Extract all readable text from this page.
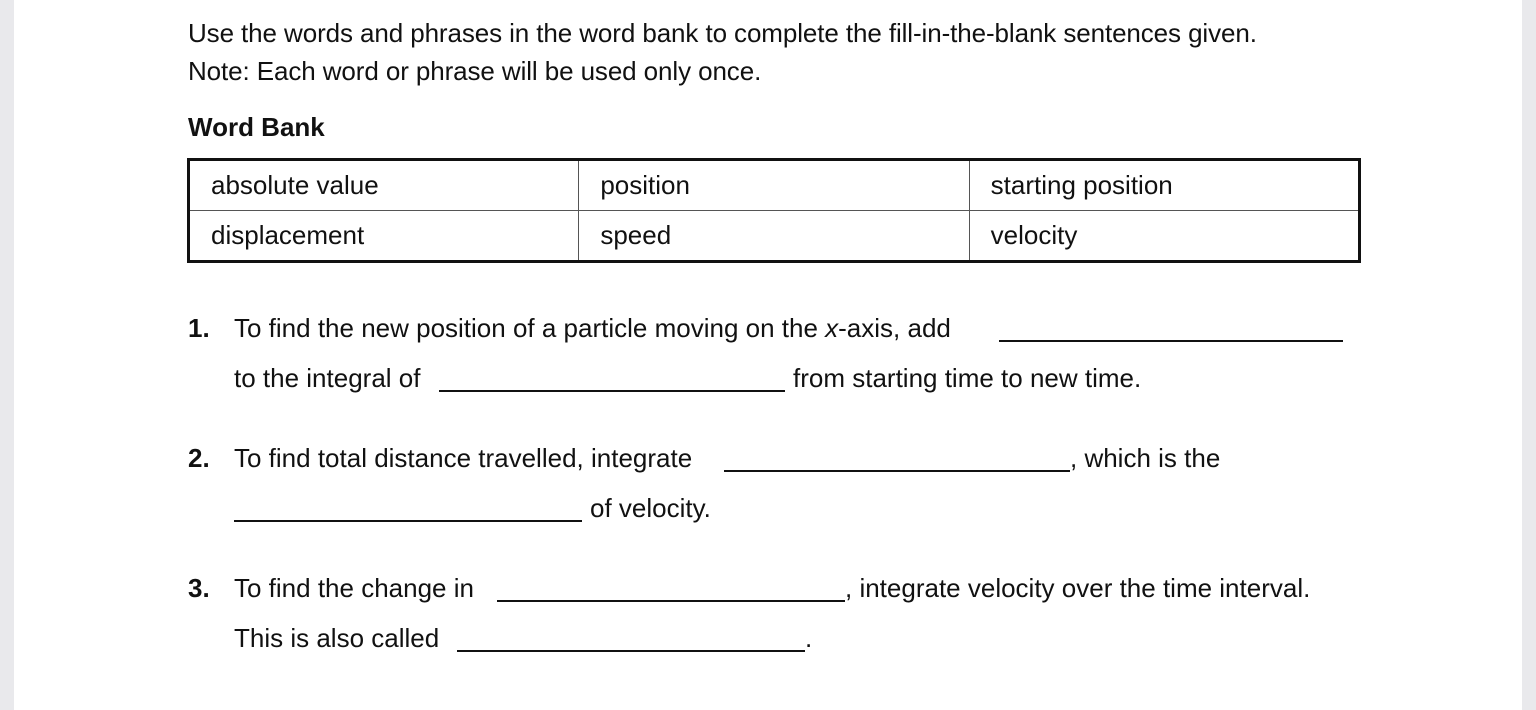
Use the words and phrases in the word bank to complete the fill-in-the-blank sentences given.
Note: Each word or phrase will be used only once.
Word Bank
absolute value	position	starting position
displacement	speed	velocity
1. To find the new position of a particle moving on the x-axis, add
to the integral of	from starting time to new time.
2. To find total distance travelled, integrate	, which is the
of velocity.
3. To find the change in	, integrate velocity over the time interval.
This is also called	.
